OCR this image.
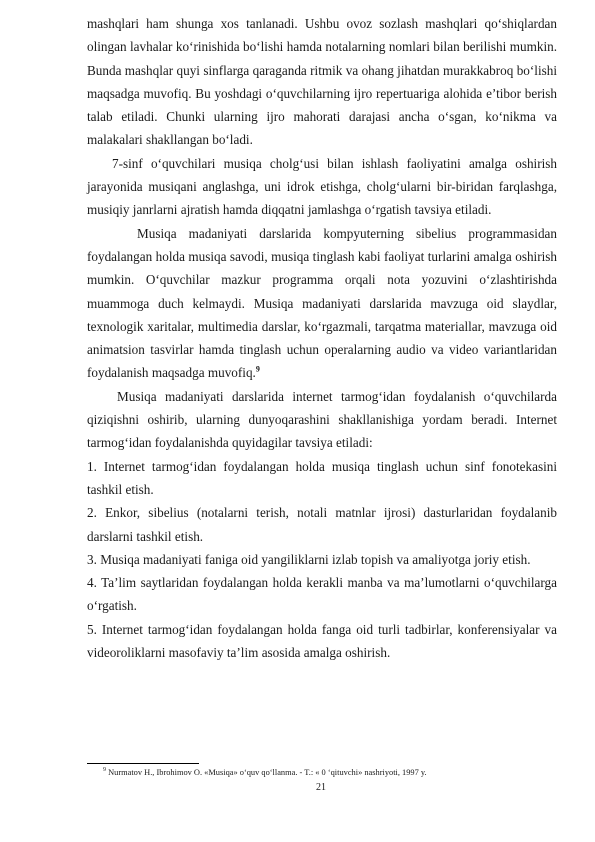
mashqlari ham shunga xos tanlanadi. Ushbu ovoz sozlash mashqlari qo‘shiqlardan olingan lavhalar ko‘rinishida bo‘lishi hamda notalarning nomlari bilan berilishi mumkin. Bunda mashqlar quyi sinflarga qaraganda ritmik va ohang jihatdan murakkabroq bo‘lishi maqsadga muvofiq. Bu yoshdagi o‘quvchilarning ijro repertuariga alohida e’tibor berish talab etiladi. Chunki ularning ijro mahorati darajasi ancha o‘sgan, ko‘nikma va malakalari shakllangan bo‘ladi.

7-sinf o‘quvchilari musiqa cholg‘usi bilan ishlash faoliyatini amalga oshirish jarayonida musiqani anglashga, uni idrok etishga, cholg‘ularni bir-biridan farqlashga, musiqiy janrlarni ajratish hamda diqqatni jamlashga o‘rgatish tavsiya etiladi.

Musiqa madaniyati darslarida kompyuterning sibelius programmasidan foydalangan holda musiqa savodi, musiqa tinglash kabi faoliyat turlarini amalga oshirish mumkin. O‘quvchilar mazkur programma orqali nota yozuvini o‘zlashtirishda muammoga duch kelmaydi. Musiqa madaniyati darslarida mavzuga oid slaydlar, texnologik xaritalar, multimedia darslar, ko‘rgazmali, tarqatma materiallar, mavzuga oid animatsion tasvirlar hamda tinglash uchun operalarning audio va video variantlaridan foydalanish maqsadga muvofiq.$^9$

Musiqa madaniyati darslarida internet tarmog‘idan foydalanish o‘quvchilarda qiziqishni oshirib, ularning dunyoqarashini shakllanishiga yordam beradi. Internet tarmog‘idan foydalanishda quyidagilar tavsiya etiladi:

1. Internet tarmog‘idan foydalangan holda musiqa tinglash uchun sinf fonotekasini tashkil etish.

2. Enkor, sibelius (notalarni terish, notali matnlar ijrosi) dasturlaridan foydalanib darslarni tashkil etish.

3. Musiqa madaniyati faniga oid yangiliklarni izlab topish va amaliyotga joriy etish.

4. Ta’lim saytlaridan foydalangan holda kerakli manba va ma’lumotlarni o‘quvchilarga o‘rgatish.

5. Internet tarmog‘idan foydalangan holda fanga oid turli tadbirlar, konferensiyalar va videoroliklarni masofaviy ta’lim asosida amalga oshirish.

$^9$ Nurmatov H., Ibrohimov O. «Musiqa» o‘quv qo‘llanma. - T.: « 0 ‘qituvchi» nashriyoti, 1997 y.
21
